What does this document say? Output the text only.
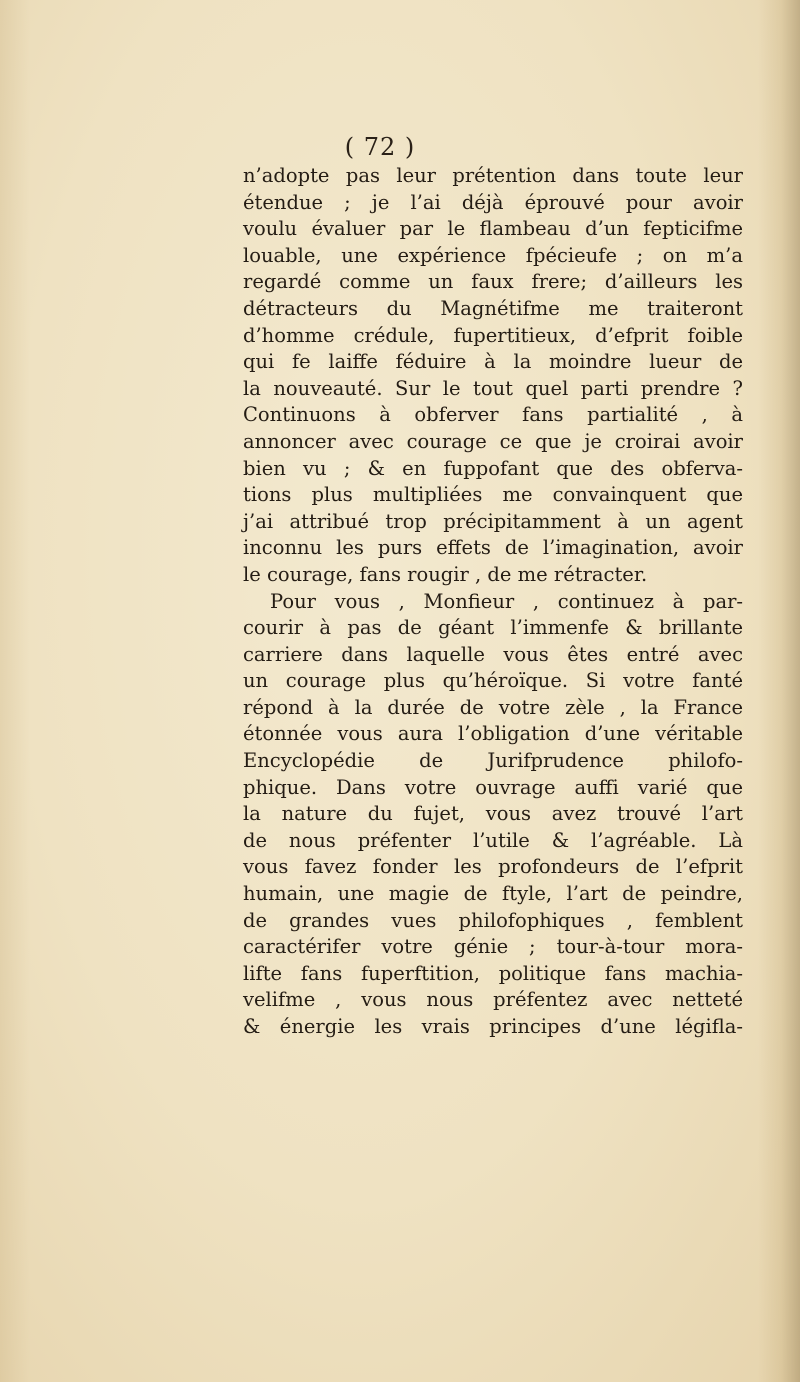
( 72 )
n’adopte pas leur prétention dans toute leur
étendue ; je l’ai déjà éprouvé pour avoir
voulu évaluer par le flambeau d’un fepticifme
louable, une expérience fpécieufe ; on m’a
regardé comme un faux frere; d’ailleurs les
détracteurs du Magnétifme me traiteront
d’homme crédule, fupertitieux, d’efprit foible
qui fe laiffe féduire à la moindre lueur de
la nouveauté. Sur le tout quel parti prendre ?
Continuons à obferver fans partialité , à
annoncer avec courage ce que je croirai avoir
bien vu ; & en fuppofant que des obferva-
tions plus multipliées me convainquent que
j’ai attribué trop précipitamment à un agent
inconnu les purs effets de l’imagination, avoir
le courage, fans rougir , de me rétracter.
Pour vous , Monfieur , continuez à par-
courir à pas de géant l’immenfe & brillante
carriere dans laquelle vous êtes entré avec
un courage plus qu’héroïque. Si votre fanté
répond à la durée de votre zèle , la France
étonnée vous aura l’obligation d’une véritable
Encyclopédie de Jurifprudence philofo-
phique. Dans votre ouvrage auffi varié que
la nature du fujet, vous avez trouvé l’art
de nous préfenter l’utile & l’agréable. Là
vous favez fonder les profondeurs de l’efprit
humain, une magie de ftyle, l’art de peindre,
de grandes vues philofophiques , femblent
caractérifer votre génie ; tour-à-tour mora-
lifte fans fuperftition, politique fans machia-
velifme , vous nous préfentez avec netteté
& énergie les vrais principes d’une légifla-
